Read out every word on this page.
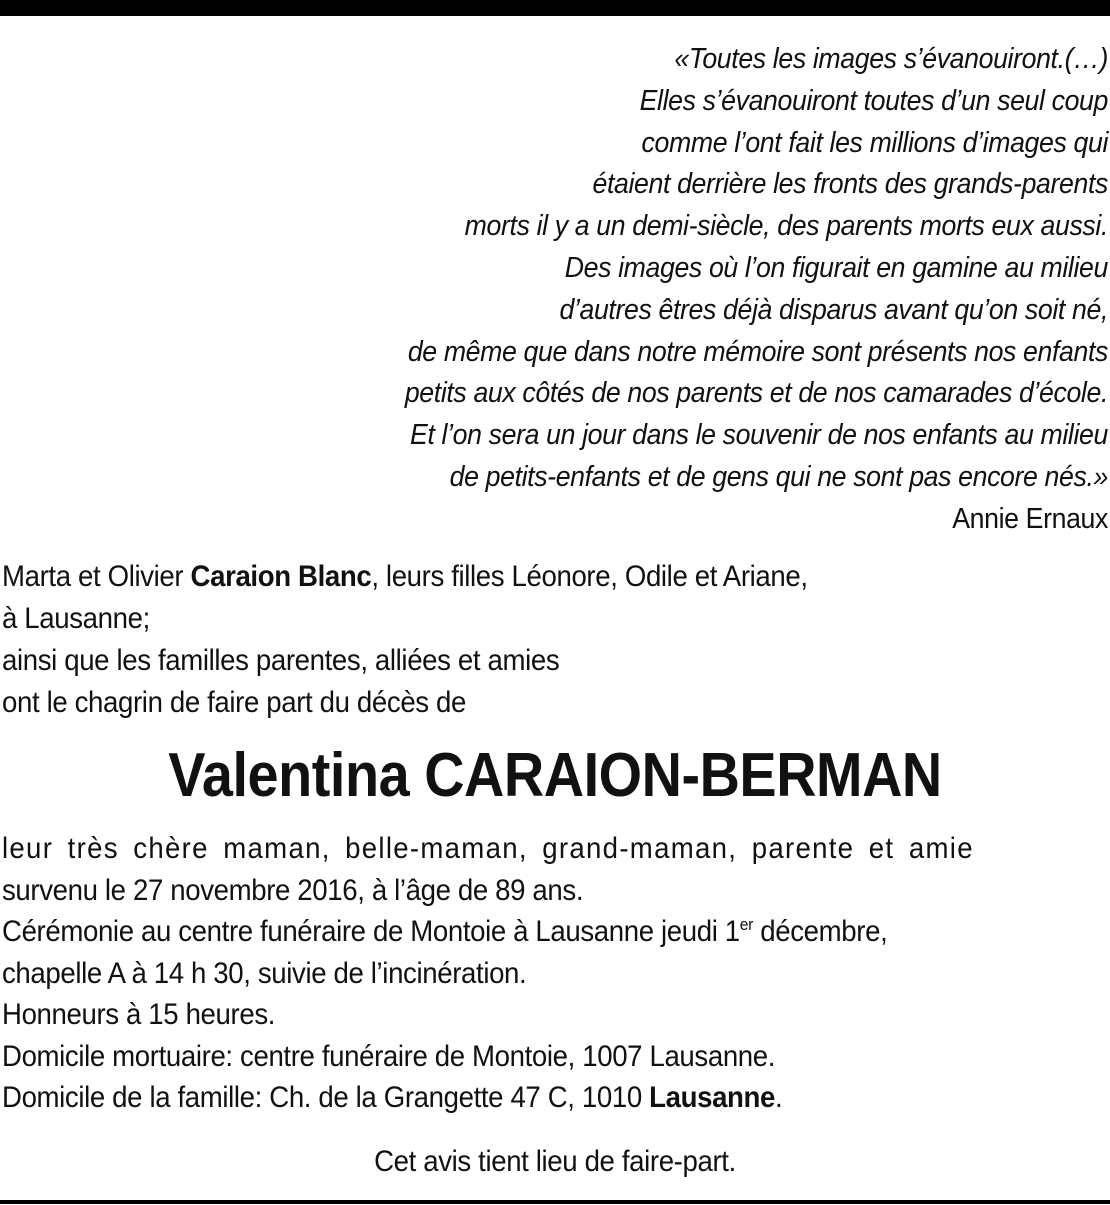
«Toutes les images s’évanouiront.(…)
Elles s’évanouiront toutes d’un seul coup
comme l’ont fait les millions d’images qui
étaient derrière les fronts des grands-parents
morts il y a un demi-siècle, des parents morts eux aussi.
Des images où l’on figurait en gamine au milieu
d’autres êtres déjà disparus avant qu’on soit né,
de même que dans notre mémoire sont présents nos enfants
petits aux côtés de nos parents et de nos camarades d’école.
Et l’on sera un jour dans le souvenir de nos enfants au milieu
de petits-enfants et de gens qui ne sont pas encore nés.»
Annie Ernaux
Marta et Olivier Caraion Blanc, leurs filles Léonore, Odile et Ariane,
à Lausanne;
ainsi que les familles parentes, alliées et amies
ont le chagrin de faire part du décès de
Valentina CARAION-BERMAN
leur très chère maman, belle-maman, grand-maman, parente et amie
survenu le 27 novembre 2016, à l’âge de 89 ans.
Cérémonie au centre funéraire de Montoie à Lausanne jeudi 1er décembre,
chapelle A à 14 h 30, suivie de l’incinération.
Honneurs à 15 heures.
Domicile mortuaire: centre funéraire de Montoie, 1007 Lausanne.
Domicile de la famille: Ch. de la Grangette 47 C, 1010 Lausanne.
Cet avis tient lieu de faire-part.
